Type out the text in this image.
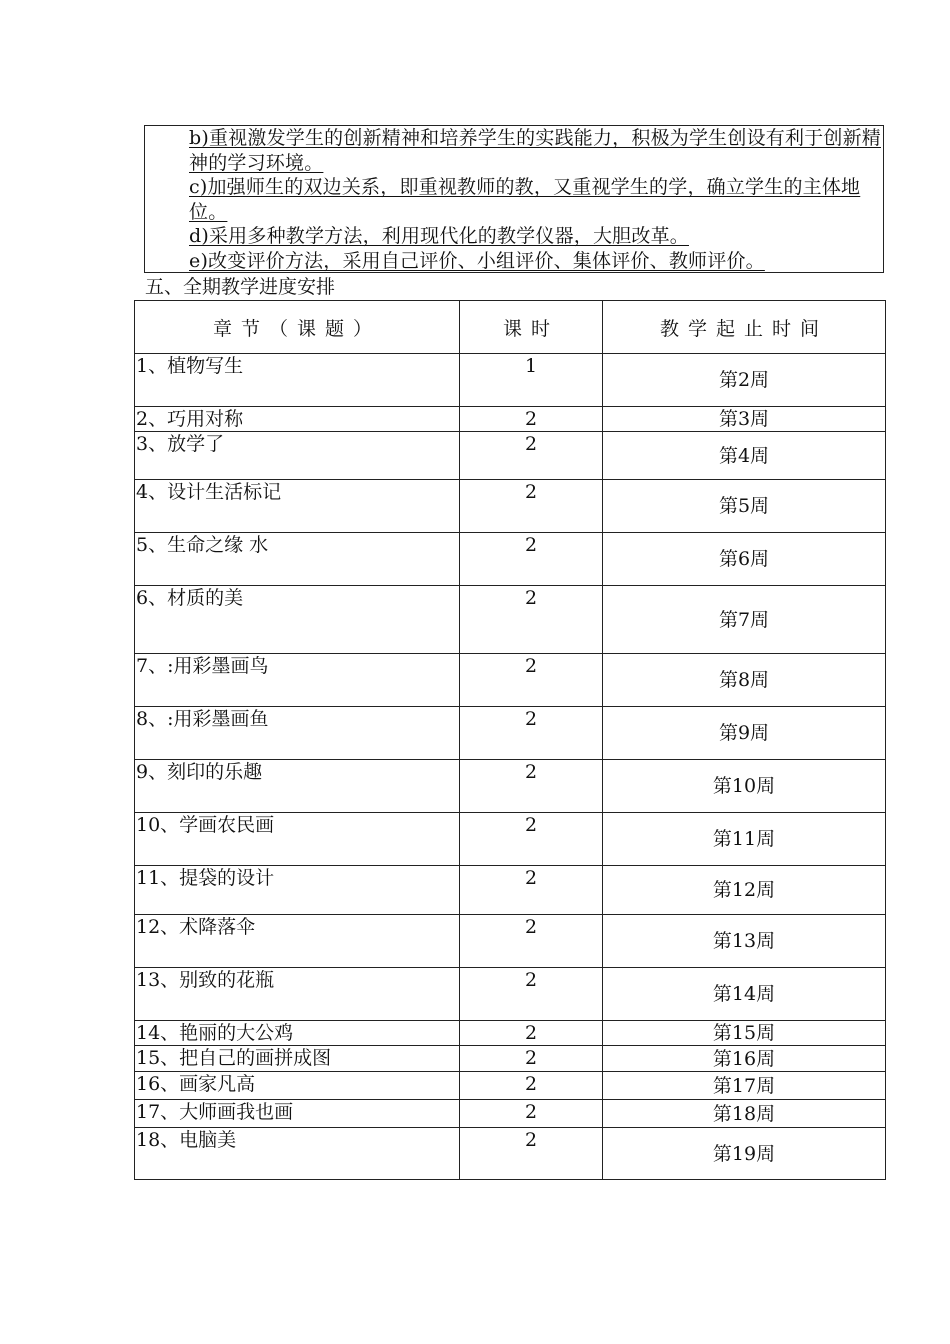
b)重视激发学生的创新精神和培养学生的实践能力，积极为学生创设有利于创新精神的学习环境。

c)加强师生的双边关系，即重视教师的教，又重视学生的学，确立学生的主体地位。

d)采用多种教学方法，利用现代化的教学仪器，大胆改革。

e)改变评价方法，采用自己评价、小组评价、集体评价、教师评价。

五、全期教学进度安排
章节（课题）	课时	教学起止时间
1、植物写生	1	第2周
2、巧用对称	2	第3周
3、放学了	2	第4周
4、设计生活标记	2	第5周
5、生命之缘 水	2	第6周
6、材质的美	2	第7周
7、:用彩墨画鸟	2	第8周
8、:用彩墨画鱼	2	第9周
9、刻印的乐趣	2	第10周
10、学画农民画	2	第11周
11、提袋的设计	2	第12周
12、术降落伞	2	第13周
13、别致的花瓶	2	第14周
14、艳丽的大公鸡	2	第15周
15、把自己的画拼成图	2	第16周
16、画家凡高	2	第17周
17、大师画我也画	2	第18周
18、电脑美	2	第19周
